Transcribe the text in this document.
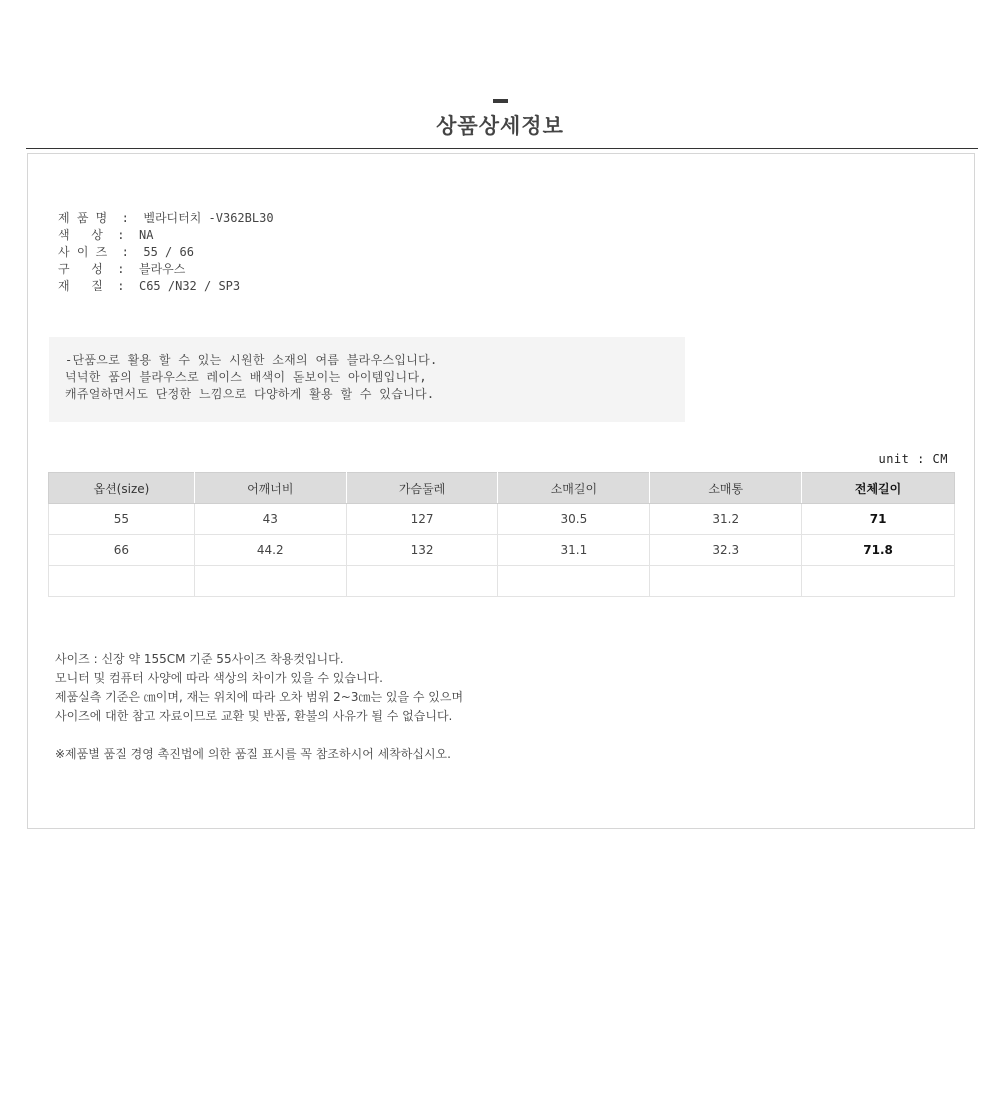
상품상세정보
제 품 명  :  벨라디터치 -V362BL30
색   상  :  NA
사 이 즈  :  55 / 66
구   성  :  블라우스
재   질  :  C65 /N32 / SP3
-단품으로 활용 할 수 있는 시원한 소재의 여름 블라우스입니다.
넉넉한 품의 블라우스로 레이스 배색이 돋보이는 아이템입니다,
캐쥬얼하면서도 단정한 느낌으로 다양하게 활용 할 수 있습니다.
unit : CM
옵션(size)	어깨너비	가슴둘레	소매길이	소매통	전체길이
55	43	127	30.5	31.2	71
66	44.2	132	31.1	32.3	71.8

사이즈 : 신장 약 155CM 기준 55사이즈 착용컷입니다.
모니터 및 컴퓨터 사양에 따라 색상의 차이가 있을 수 있습니다.
제품실측 기준은 ㎝이며, 재는 위치에 따라 오차 범위 2~3㎝는 있을 수 있으며
사이즈에 대한 참고 자료이므로 교환 및 반품, 환불의 사유가 될 수 없습니다.
※제품별 품질 경영 촉진법에 의한 품질 표시를 꼭 참조하시어 세착하십시오.
